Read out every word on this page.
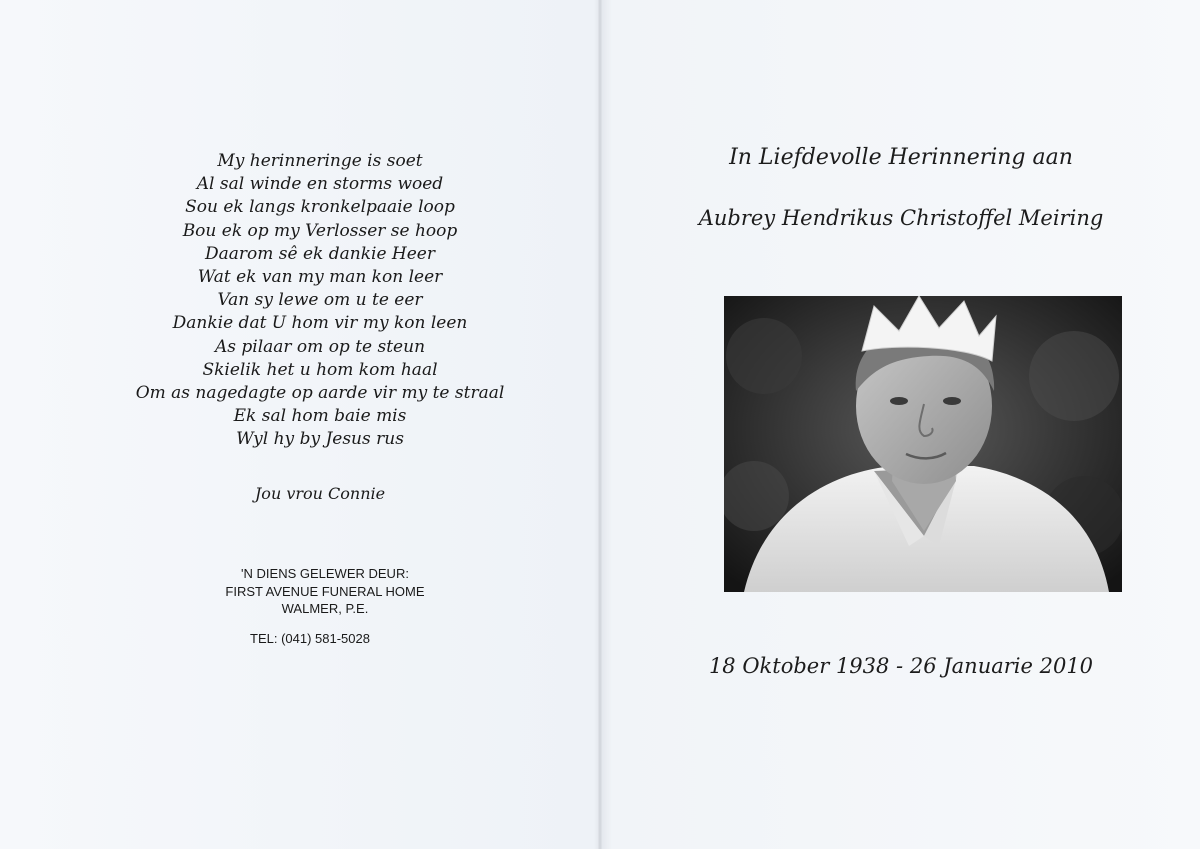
My herinneringe is soet
Al sal winde en storms woed
Sou ek langs kronkelpaaie loop
Bou ek op my Verlosser se hoop
Daarom sê ek dankie Heer
Wat ek van my man kon leer
Van sy lewe om u te eer
Dankie dat U hom vir my kon leen
As pilaar om op te steun
Skielik het u hom kom haal
Om as nagedagte op aarde vir my te straal
Ek sal hom baie mis
Wyl hy by Jesus rus
Jou vrou Connie
'N DIENS GELEWER DEUR:
FIRST AVENUE FUNERAL HOME
WALMER, P.E.
TEL: (041) 581-5028
In Liefdevolle Herinnering aan
Aubrey Hendrikus Christoffel Meiring
18 Oktober 1938 - 26 Januarie 2010
